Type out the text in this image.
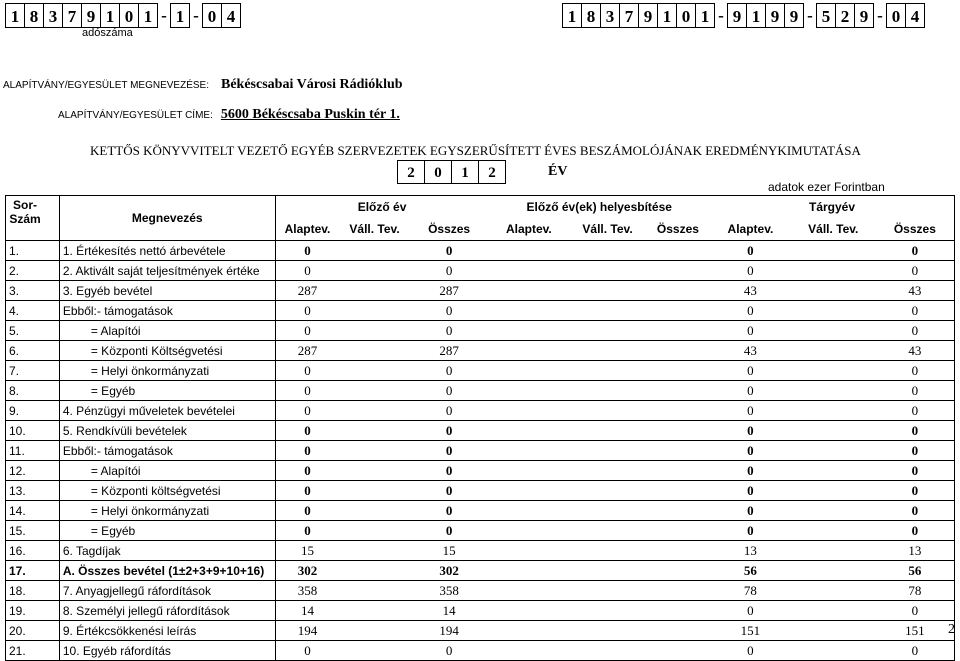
1 8 3 7 9 1 0 1 - 1 - 0 4
adószáma
1 8 3 7 9 1 0 1 - 9 1 9 9 - 5 2 9 - 0 4
ALAPÍTVÁNY/EGYESÜLET MEGNEVEZÉSE: Békéscsabai Városi Rádióklub
ALAPÍTVÁNY/EGYESÜLET CÍME: 5600 Békéscsaba Puskin tér 1.
KETTŐS KÖNYVVITELT VEZETŐ EGYÉB SZERVEZETEK EGYSZERŰSÍTETT ÉVES BESZÁMOLÓJÁNAK EREDMÉNYKIMUTATÁSA
2	0	1	2	ÉV
adatok ezer Forintban
Sor-Szám	Megnevezés	Előző év			Előző év(ek) helyesbítése			Tárgyév		
		Alaptev.	Váll. Tev.	Összes	Alaptev.	Váll. Tev.	Összes	Alaptev.	Váll. Tev.	Összes
1.	1. Értékesítés nettó árbevétele	0		0				0		0
2.	2. Aktivált saját teljesítmények értéke	0		0				0		0
3.	3. Egyéb bevétel	287		287				43		43
4.	Ebből:- támogatások	0		0				0		0
5.	= Alapítói	0		0				0		0
6.	= Központi Költségvetési	287		287				43		43
7.	= Helyi önkormányzati	0		0				0		0
8.	= Egyéb	0		0				0		0
9.	4. Pénzügyi műveletek bevételei	0		0				0		0
10.	5. Rendkívüli bevételek	0		0				0		0
11.	Ebből:- támogatások	0		0				0		0
12.	= Alapítói	0		0				0		0
13.	= Központi költségvetési	0		0				0		0
14.	= Helyi önkormányzati	0		0				0		0
15.	= Egyéb	0		0				0		0
16.	6. Tagdíjak	15		15				13		13
17.	A. Összes bevétel (1±2+3+9+10+16)	302		302				56		56
18.	7. Anyagjellegű ráfordítások	358		358				78		78
19.	8. Személyi jellegű ráfordítások	14		14				0		0
20.	9. Értékcsökkenési leírás	194		194				151		151
21.	10. Egyéb ráfordítás	0		0				0		0
2
